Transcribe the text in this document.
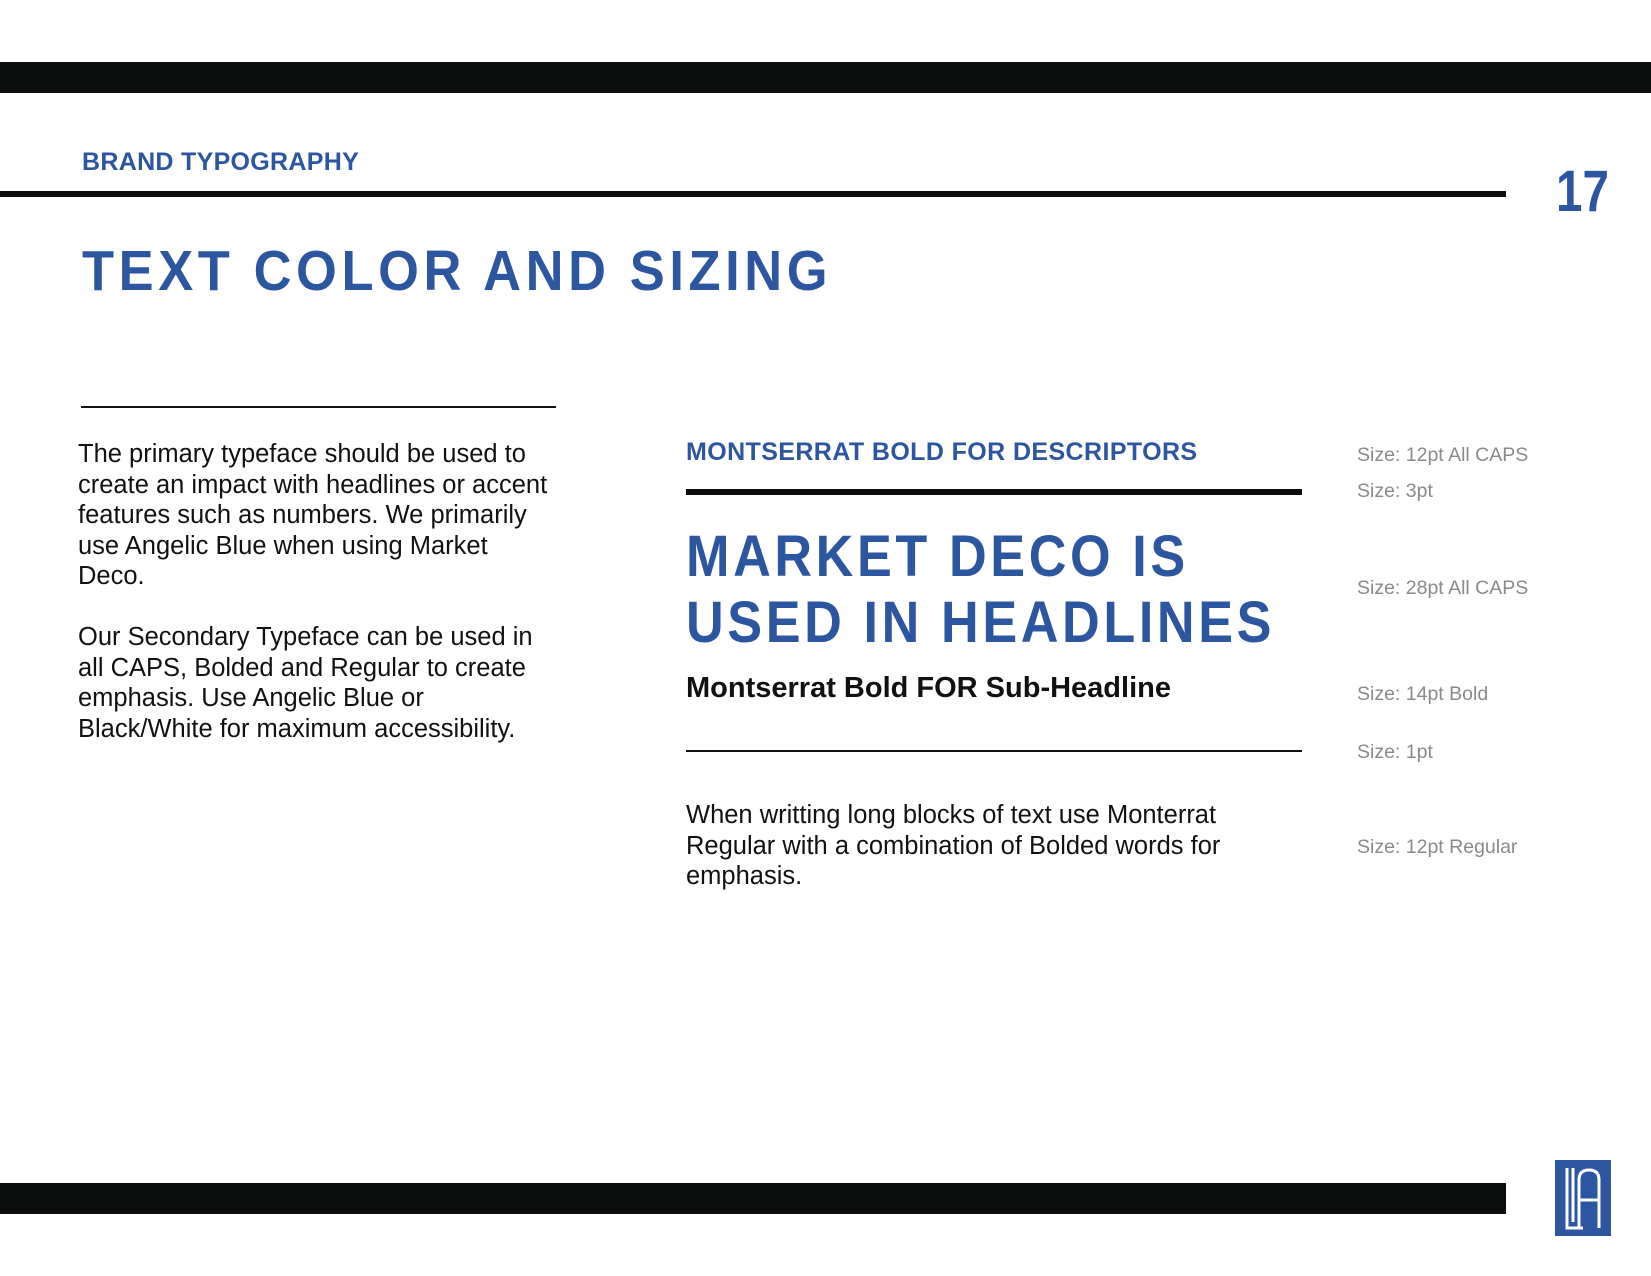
BRAND TYPOGRAPHY	17
TEXT COLOR AND SIZING
The primary typeface should be used to create an impact with headlines or accent features such as numbers. We primarily use Angelic Blue when using Market Deco.
Our Secondary Typeface can be used in all CAPS, Bolded and Regular to create emphasis. Use Angelic Blue or Black/White for maximum accessibility.
MONTSERRAT BOLD FOR DESCRIPTORS
MARKET DECO IS
USED IN HEADLINES
Montserrat Bold FOR Sub-Headline
When writting long blocks of text use Monterrat Regular with a combination of Bolded words for emphasis.
Size: 12pt All CAPS
Size: 3pt
Size: 28pt All CAPS
Size: 14pt Bold
Size: 1pt
Size: 12pt Regular
